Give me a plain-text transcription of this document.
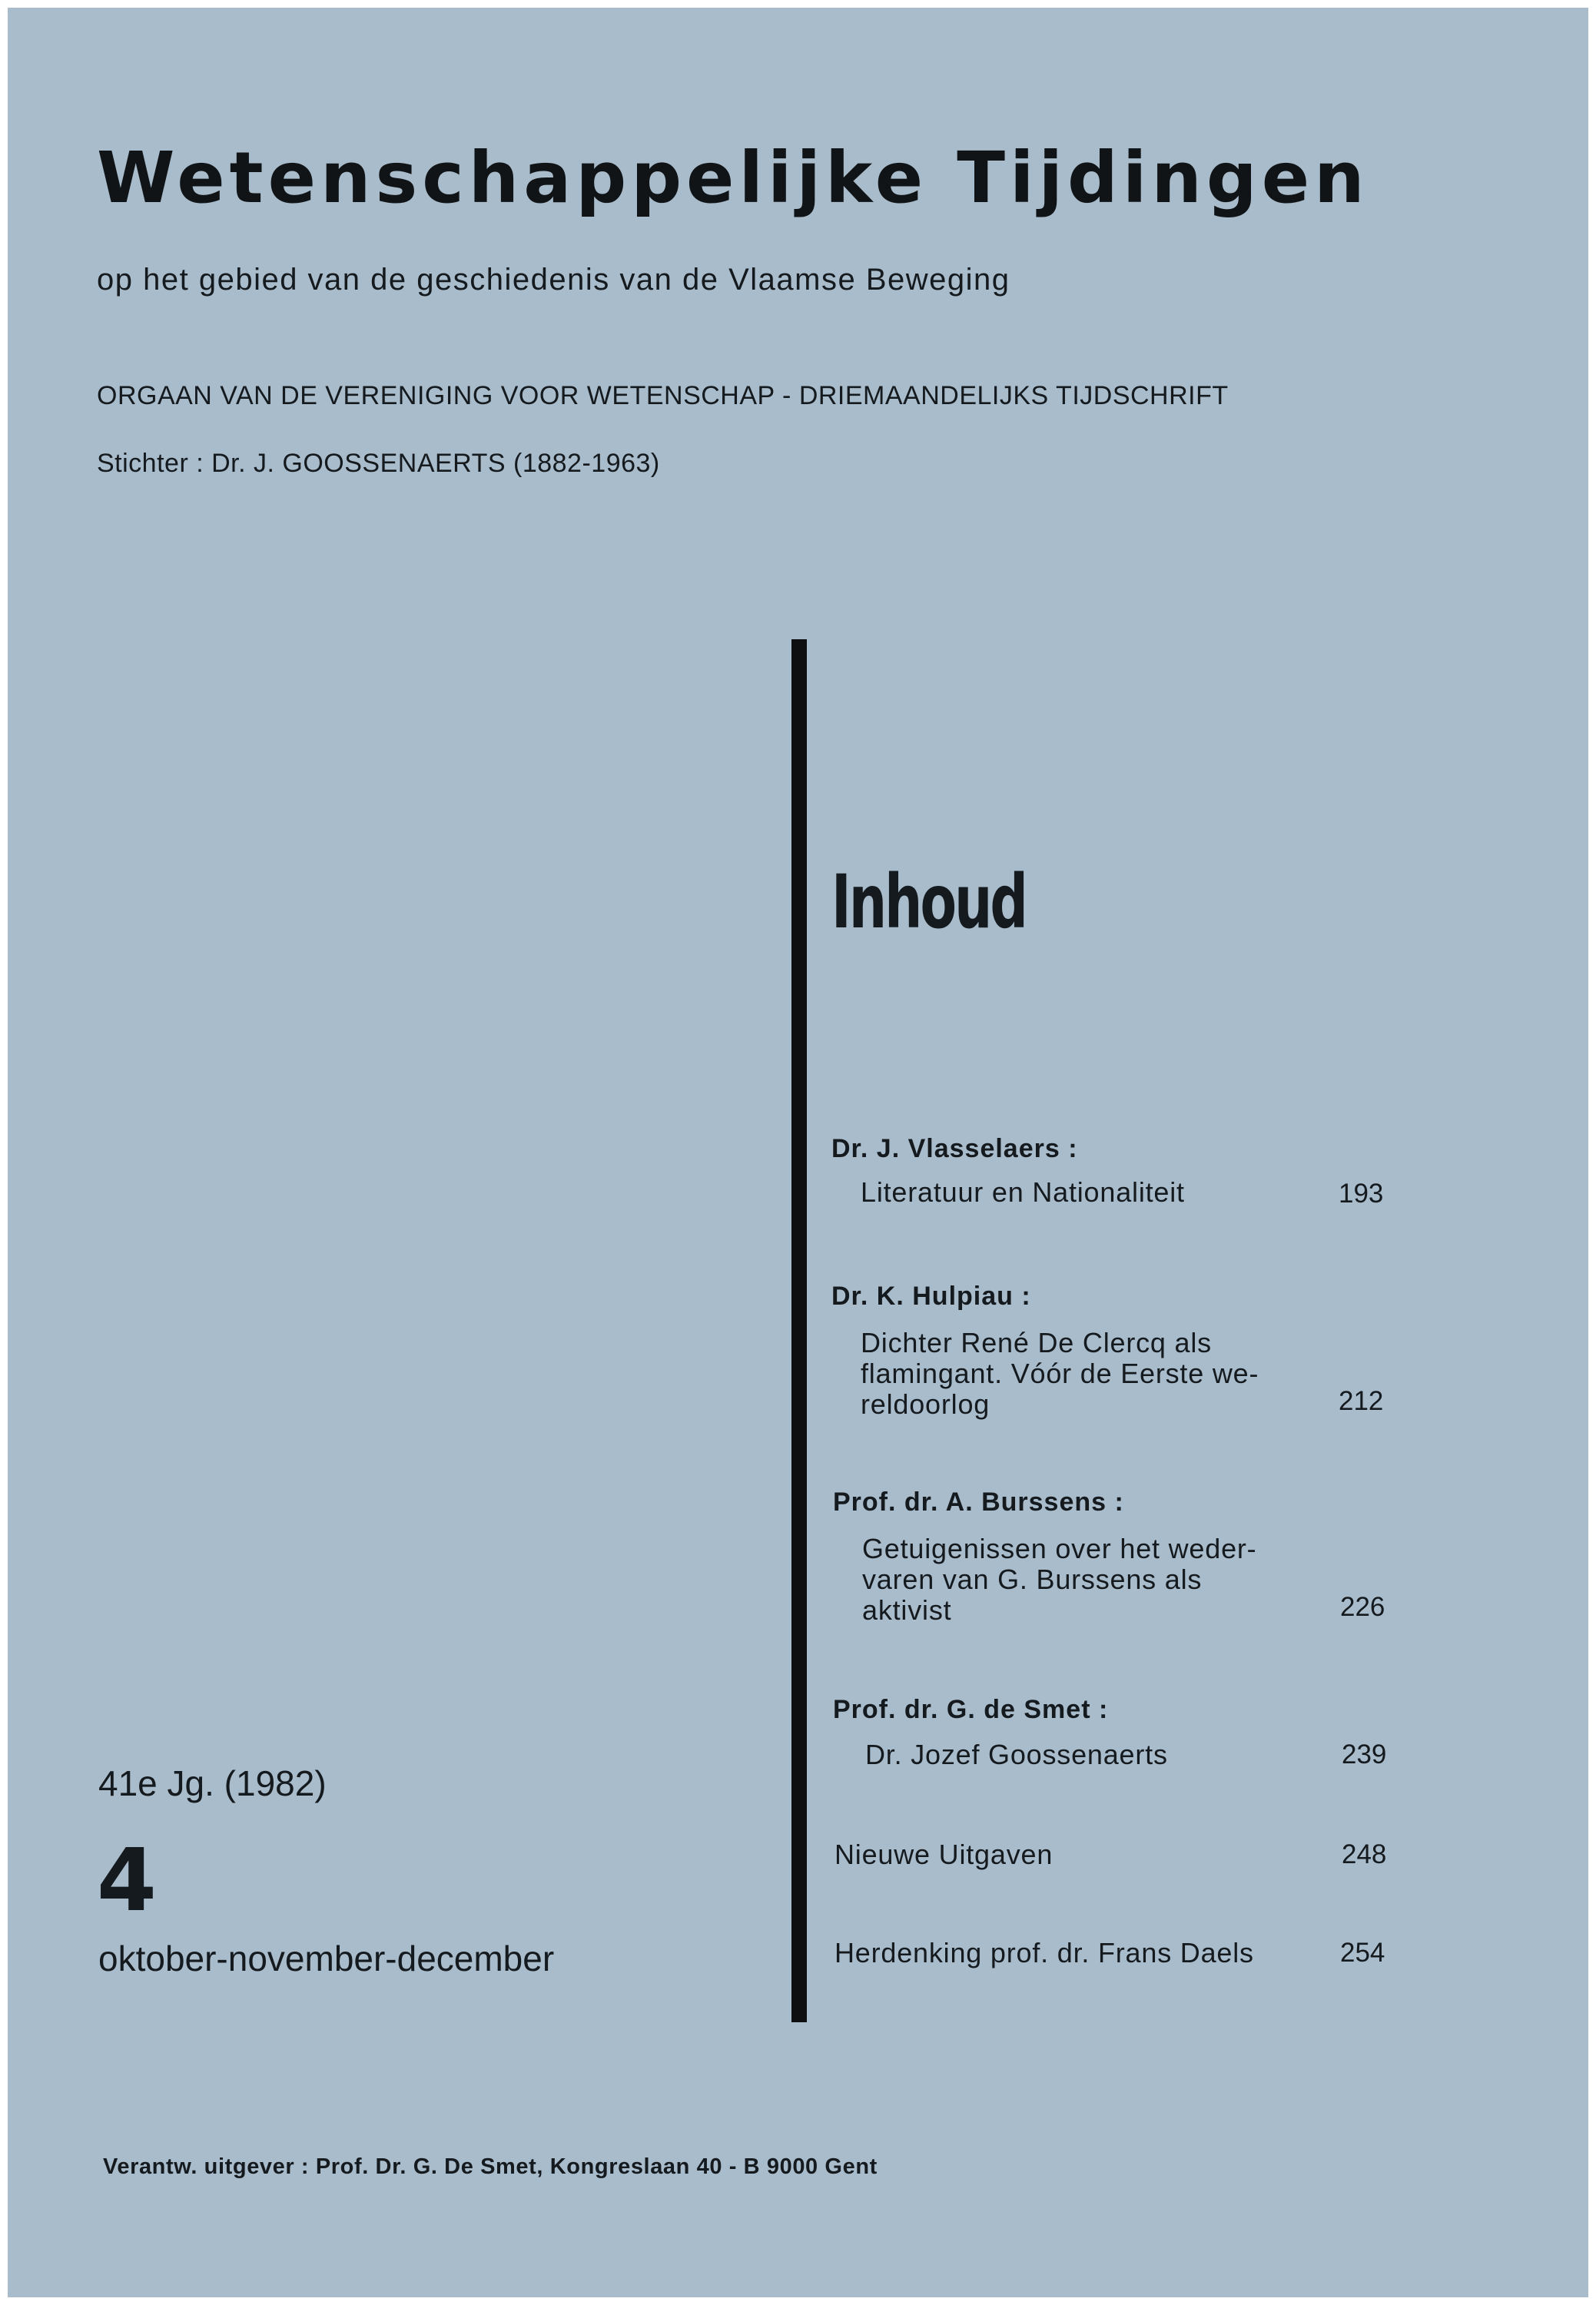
Wetenschappelijke Tijdingen
op het gebied van de geschiedenis van de Vlaamse Beweging
ORGAAN VAN DE VERENIGING VOOR WETENSCHAP - DRIEMAANDELIJKS TIJDSCHRIFT
Stichter : Dr. J. GOOSSENAERTS (1882-1963)
Inhoud
Dr. J. Vlasselaers :
Literatuur en Nationaliteit	193
Dr. K. Hulpiau :
Dichter René De Clercq als
flamingant. Vóór de Eerste we-
reldoorlog	212
Prof. dr. A. Burssens :
Getuigenissen over het weder-
varen van G. Burssens als
aktivist	226
Prof. dr. G. de Smet :
Dr. Jozef Goossenaerts	239
Nieuwe Uitgaven	248
Herdenking prof. dr. Frans Daels	254
41e Jg. (1982)
4
oktober-november-december
Verantw. uitgever : Prof. Dr. G. De Smet, Kongreslaan 40 - B 9000 Gent
